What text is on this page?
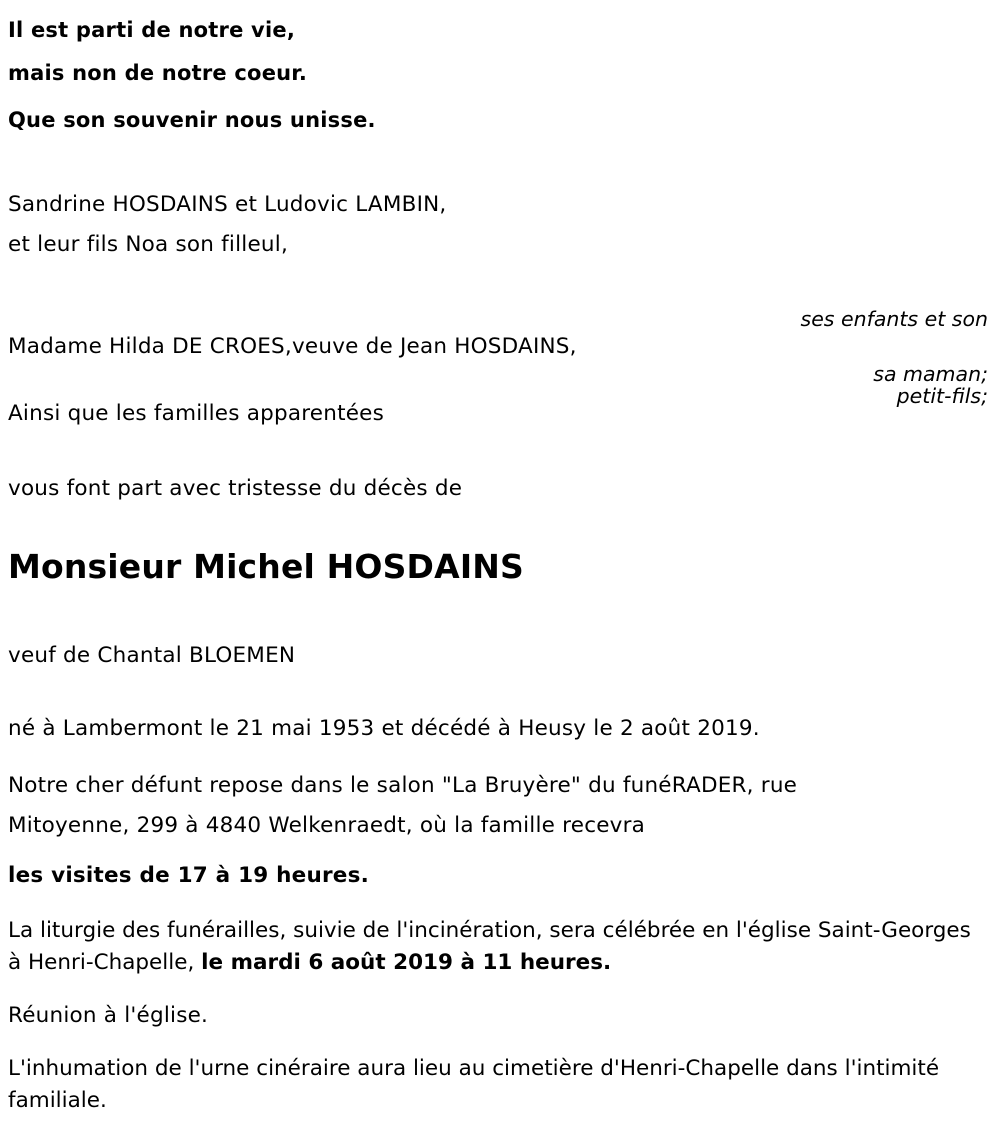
Il est parti de notre vie,
mais non de notre coeur.
Que son souvenir nous unisse.
Sandrine HOSDAINS et Ludovic LAMBIN,
et leur fils Noa son filleul,

ses enfants et son

petit-fils;

Madame Hilda DE CROES,veuve de Jean HOSDAINS,
sa maman;
Ainsi que les familles apparentées
vous font part avec tristesse du décès de
Monsieur Michel HOSDAINS
veuf de Chantal BLOEMEN
né à Lambermont le 21 mai 1953 et décédé à Heusy le 2 août 2019.
Notre cher défunt repose dans le salon "La Bruyère" du funéRADER, rue
Mitoyenne, 299 à 4840 Welkenraedt, où la famille recevra
les visites de 17 à 19 heures.
La liturgie des funérailles, suivie de l'incinération, sera célébrée en l'église Saint-Georges à Henri-Chapelle, le mardi 6 août 2019 à 11 heures.
Réunion à l'église.
L'inhumation de l'urne cinéraire aura lieu au cimetière d'Henri-Chapelle dans l'intimité familiale.
